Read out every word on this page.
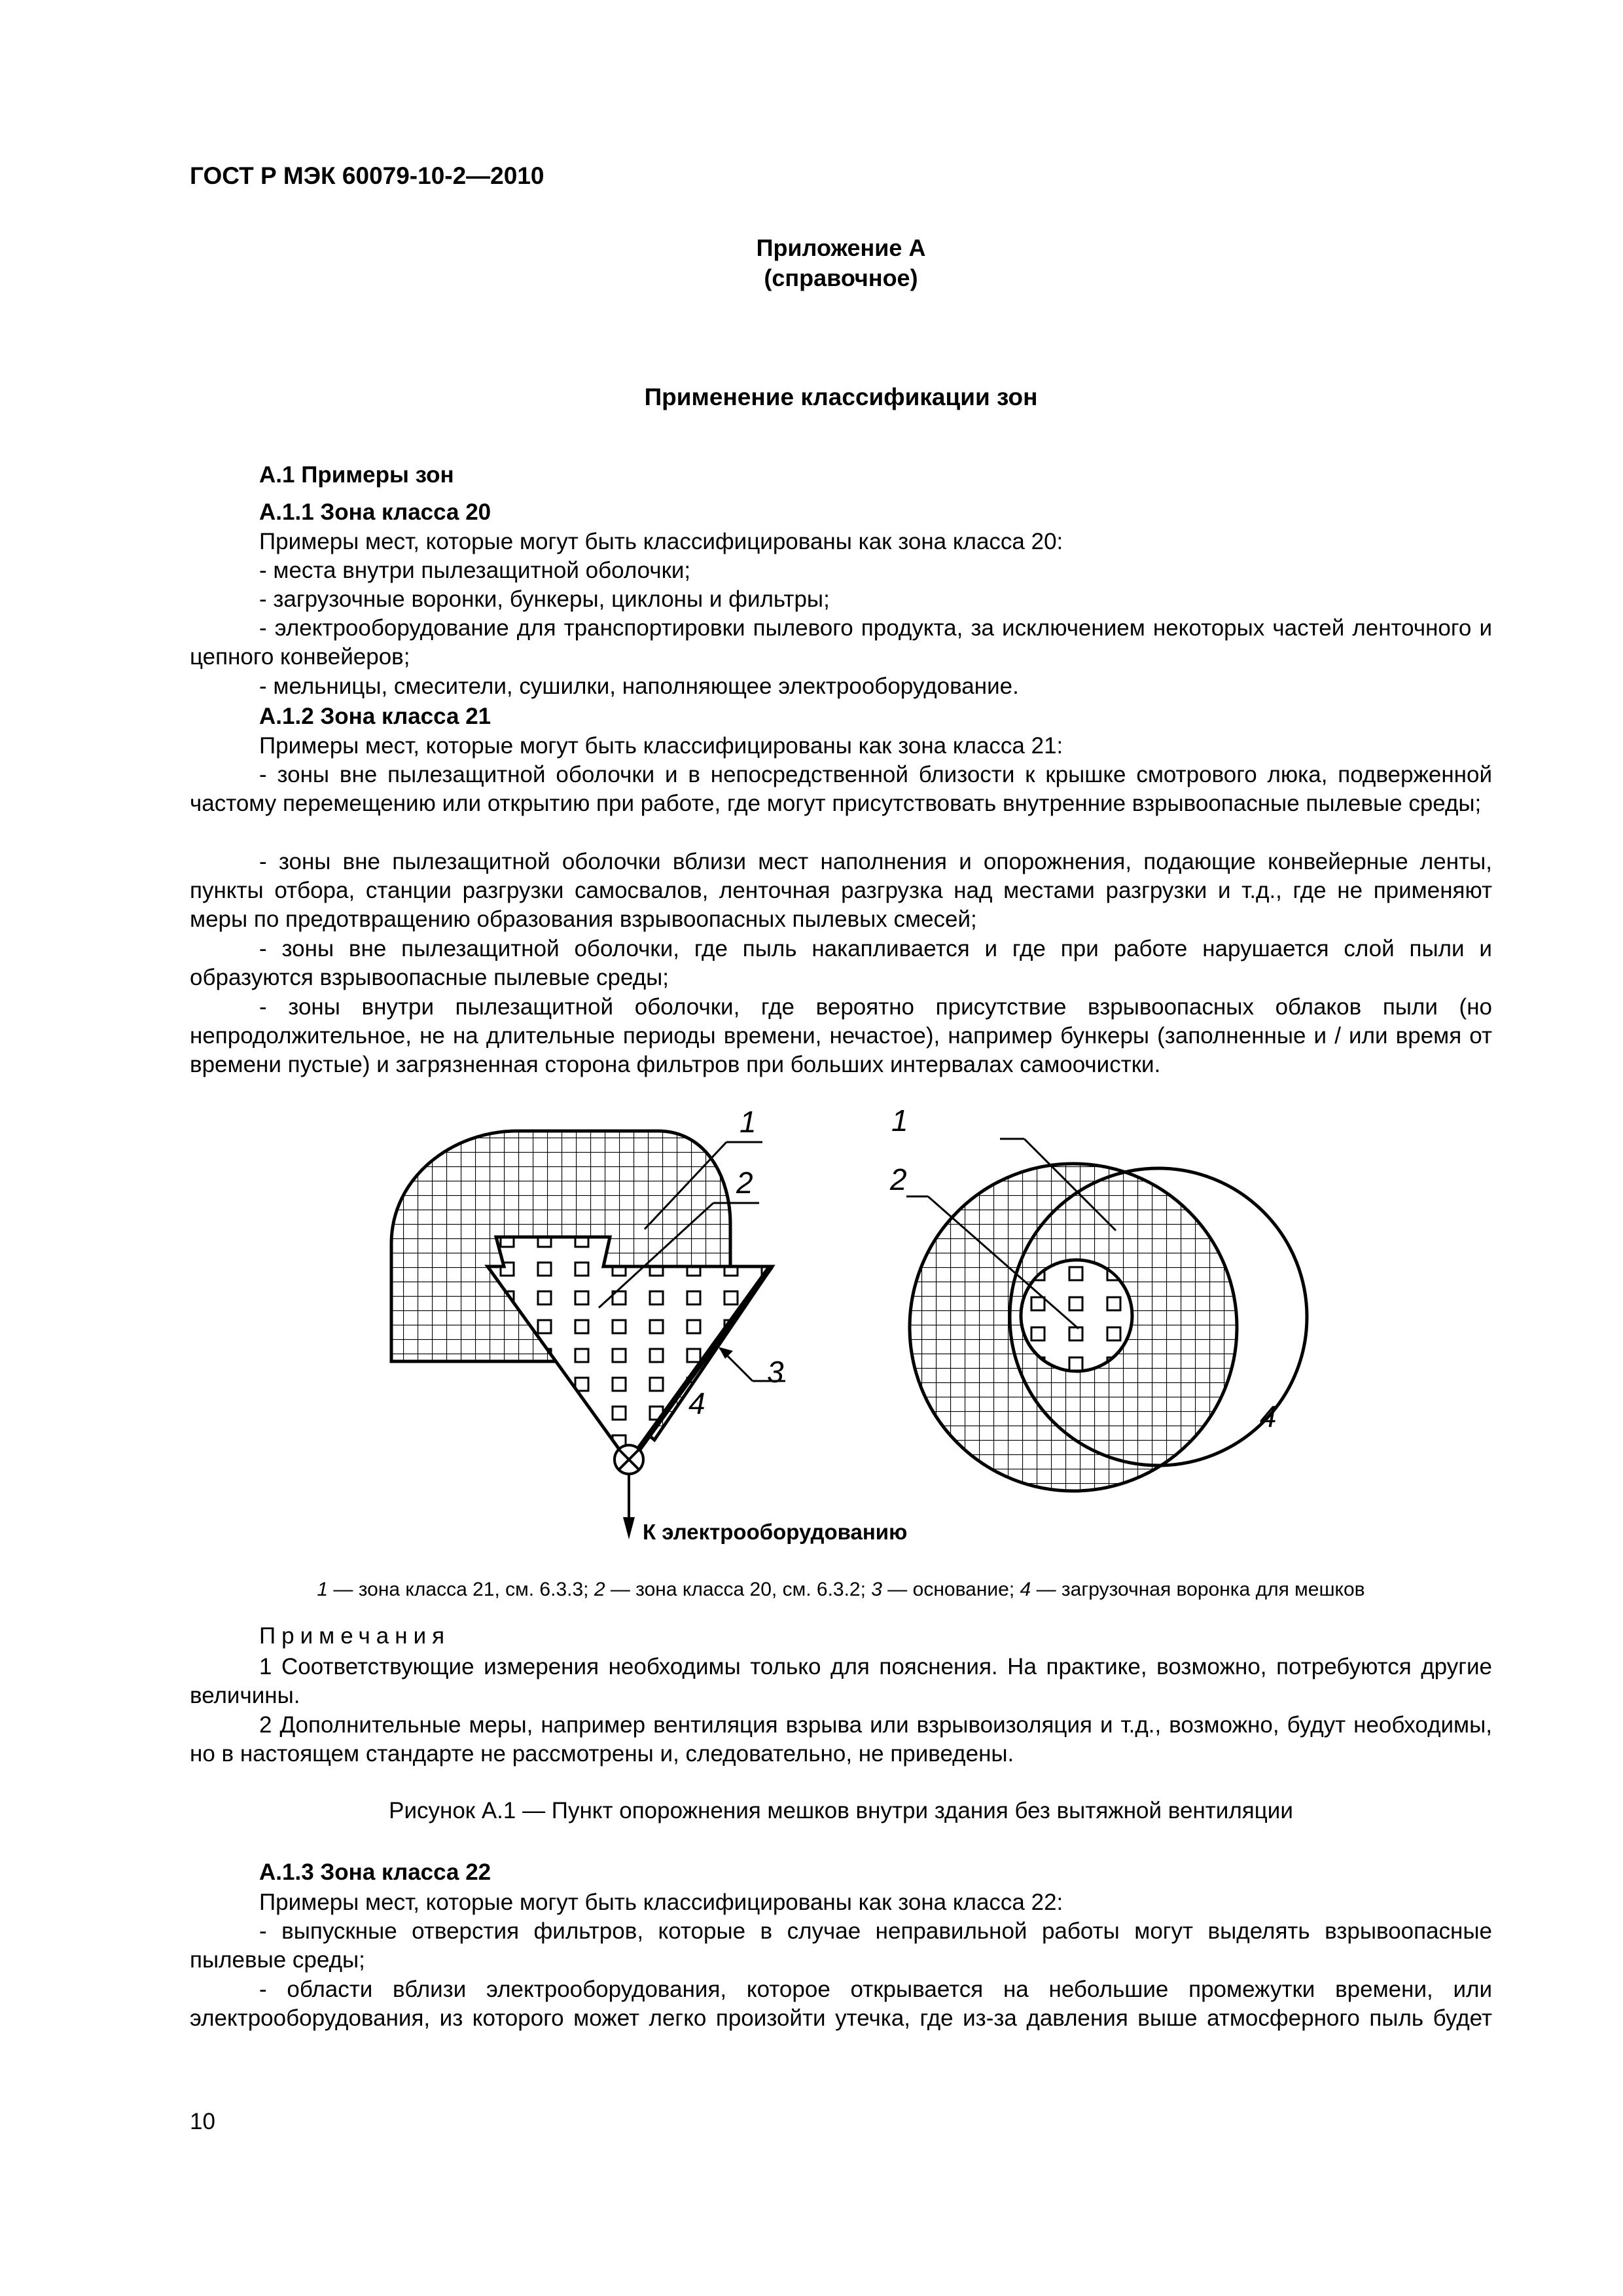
ГОСТ Р МЭК 60079-10-2—2010
Приложение А
(справочное)
Применение классификации зон
А.1 Примеры зон
А.1.1 Зона класса 20
Примеры мест, которые могут быть классифицированы как зона класса 20:
- места внутри пылезащитной оболочки;
- загрузочные воронки, бункеры, циклоны и фильтры;
- электрооборудование для транспортировки пылевого продукта, за исключением некоторых частей ленточного и цепного конвейеров;
- мельницы, смесители, сушилки, наполняющее электрооборудование.
А.1.2 Зона класса 21
Примеры мест, которые могут быть классифицированы как зона класса 21:
- зоны вне пылезащитной оболочки и в непосредственной близости к крышке смотрового люка, подверженной частому перемещению или открытию при работе, где могут присутствовать внутренние взрывоопасные пылевые среды;
- зоны вне пылезащитной оболочки вблизи мест наполнения и опорожнения, подающие конвейерные ленты, пункты отбора, станции разгрузки самосвалов, ленточная разгрузка над местами разгрузки и т.д., где не применяют меры по предотвращению образования взрывоопасных пылевых смесей;
- зоны вне пылезащитной оболочки, где пыль накапливается и где при работе нарушается слой пыли и образуются взрывоопасные пылевые среды;
- зоны внутри пылезащитной оболочки, где вероятно присутствие взрывоопасных облаков пыли (но непродолжительное, не на длительные периоды времени, нечастое), например бункеры (заполненные и / или время от времени пустые) и загрязненная сторона фильтров при больших интервалах самоочистки.
К электрооборудованию
1
2
3
4
1
2
4
1 — зона класса 21, см. 6.3.3; 2 — зона класса 20, см. 6.3.2; 3 — основание; 4 — загрузочная воронка для мешков
Примечания
1 Соответствующие измерения необходимы только для пояснения. На практике, возможно, потребуются другие величины.
2 Дополнительные меры, например вентиляция взрыва или взрывоизоляция и т.д., возможно, будут необходимы, но в настоящем стандарте не рассмотрены и, следовательно, не приведены.
Рисунок А.1 — Пункт опорожнения мешков внутри здания без вытяжной вентиляции
А.1.3 Зона класса 22
Примеры мест, которые могут быть классифицированы как зона класса 22:
- выпускные отверстия фильтров, которые в случае неправильной работы могут выделять взрывоопасные пылевые среды;
- области вблизи электрооборудования, которое открывается на небольшие промежутки времени, или электрооборудования, из которого может легко произойти утечка, где из-за давления выше атмосферного пыль будет
10
